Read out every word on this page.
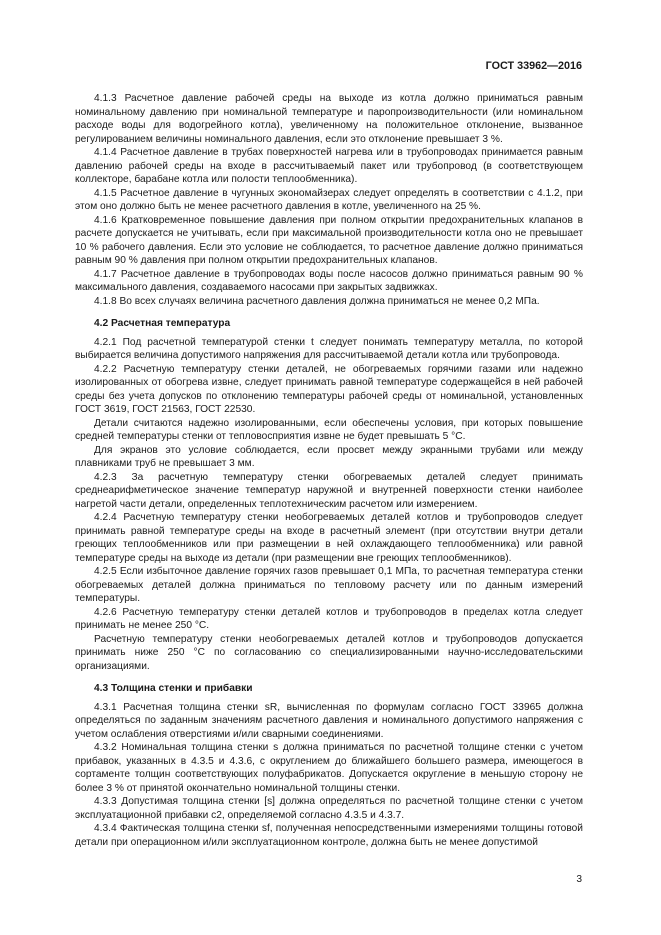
ГОСТ 33962—2016

4.1.3 Расчетное давление рабочей среды на выходе из котла должно приниматься равным номинальному давлению при номинальной температуре и паропроизводительности (или номинальном расходе воды для водогрейного котла), увеличенному на положительное отклонение, вызванное регулированием величины номинального давления, если это отклонение превышает 3 %.

4.1.4 Расчетное давление в трубах поверхностей нагрева или в трубопроводах принимается равным давлению рабочей среды на входе в рассчитываемый пакет или трубопровод (в соответствующем коллекторе, барабане котла или полости теплообменника).

4.1.5 Расчетное давление в чугунных экономайзерах следует определять в соответствии с 4.1.2, при этом оно должно быть не менее расчетного давления в котле, увеличенного на 25 %.

4.1.6 Кратковременное повышение давления при полном открытии предохранительных клапанов в расчете допускается не учитывать, если при максимальной производительности котла оно не превышает 10 % рабочего давления. Если это условие не соблюдается, то расчетное давление должно приниматься равным 90 % давления при полном открытии предохранительных клапанов.

4.1.7 Расчетное давление в трубопроводах воды после насосов должно приниматься равным 90 % максимального давления, создаваемого насосами при закрытых задвижках.

4.1.8 Во всех случаях величина расчетного давления должна приниматься не менее 0,2 МПа.

4.2 Расчетная температура

4.2.1 Под расчетной температурой стенки t следует понимать температуру металла, по которой выбирается величина допустимого напряжения для рассчитываемой детали котла или трубопровода.

4.2.2 Расчетную температуру стенки деталей, не обогреваемых горячими газами или надежно изолированных от обогрева извне, следует принимать равной температуре содержащейся в ней рабочей среды без учета допусков по отклонению температуры рабочей среды от номинальной, установленных ГОСТ 3619, ГОСТ 21563, ГОСТ 22530.

Детали считаются надежно изолированными, если обеспечены условия, при которых повышение средней температуры стенки от тепловосприятия извне не будет превышать 5 °С.

Для экранов это условие соблюдается, если просвет между экранными трубами или между плавниками труб не превышает 3 мм.

4.2.3 За расчетную температуру стенки обогреваемых деталей следует принимать среднеарифметическое значение температур наружной и внутренней поверхности стенки наиболее нагретой части детали, определенных теплотехническим расчетом или измерением.

4.2.4 Расчетную температуру стенки необогреваемых деталей котлов и трубопроводов следует принимать равной температуре среды на входе в расчетный элемент (при отсутствии внутри детали греющих теплообменников или при размещении в ней охлаждающего теплообменника) или равной температуре среды на выходе из детали (при размещении вне греющих теплообменников).

4.2.5 Если избыточное давление горячих газов превышает 0,1 МПа, то расчетная температура стенки обогреваемых деталей должна приниматься по тепловому расчету или по данным измерений температуры.

4.2.6 Расчетную температуру стенки деталей котлов и трубопроводов в пределах котла следует принимать не менее 250 °С.

Расчетную температуру стенки необогреваемых деталей котлов и трубопроводов допускается принимать ниже 250 °С по согласованию со специализированными научно-исследовательскими организациями.

4.3 Толщина стенки и прибавки

4.3.1 Расчетная толщина стенки sR, вычисленная по формулам согласно ГОСТ 33965 должна определяться по заданным значениям расчетного давления и номинального допустимого напряжения с учетом ослабления отверстиями и/или сварными соединениями.

4.3.2 Номинальная толщина стенки s должна приниматься по расчетной толщине стенки с учетом прибавок, указанных в 4.3.5 и 4.3.6, с округлением до ближайшего большего размера, имеющегося в сортаменте толщин соответствующих полуфабрикатов. Допускается округление в меньшую сторону не более 3 % от принятой окончательно номинальной толщины стенки.

4.3.3 Допустимая толщина стенки [s] должна определяться по расчетной толщине стенки с учетом эксплуатационной прибавки c2, определяемой согласно 4.3.5 и 4.3.7.

4.3.4 Фактическая толщина стенки sf, полученная непосредственными измерениями толщины готовой детали при операционном и/или эксплуатационном контроле, должна быть не менее допустимой

3
